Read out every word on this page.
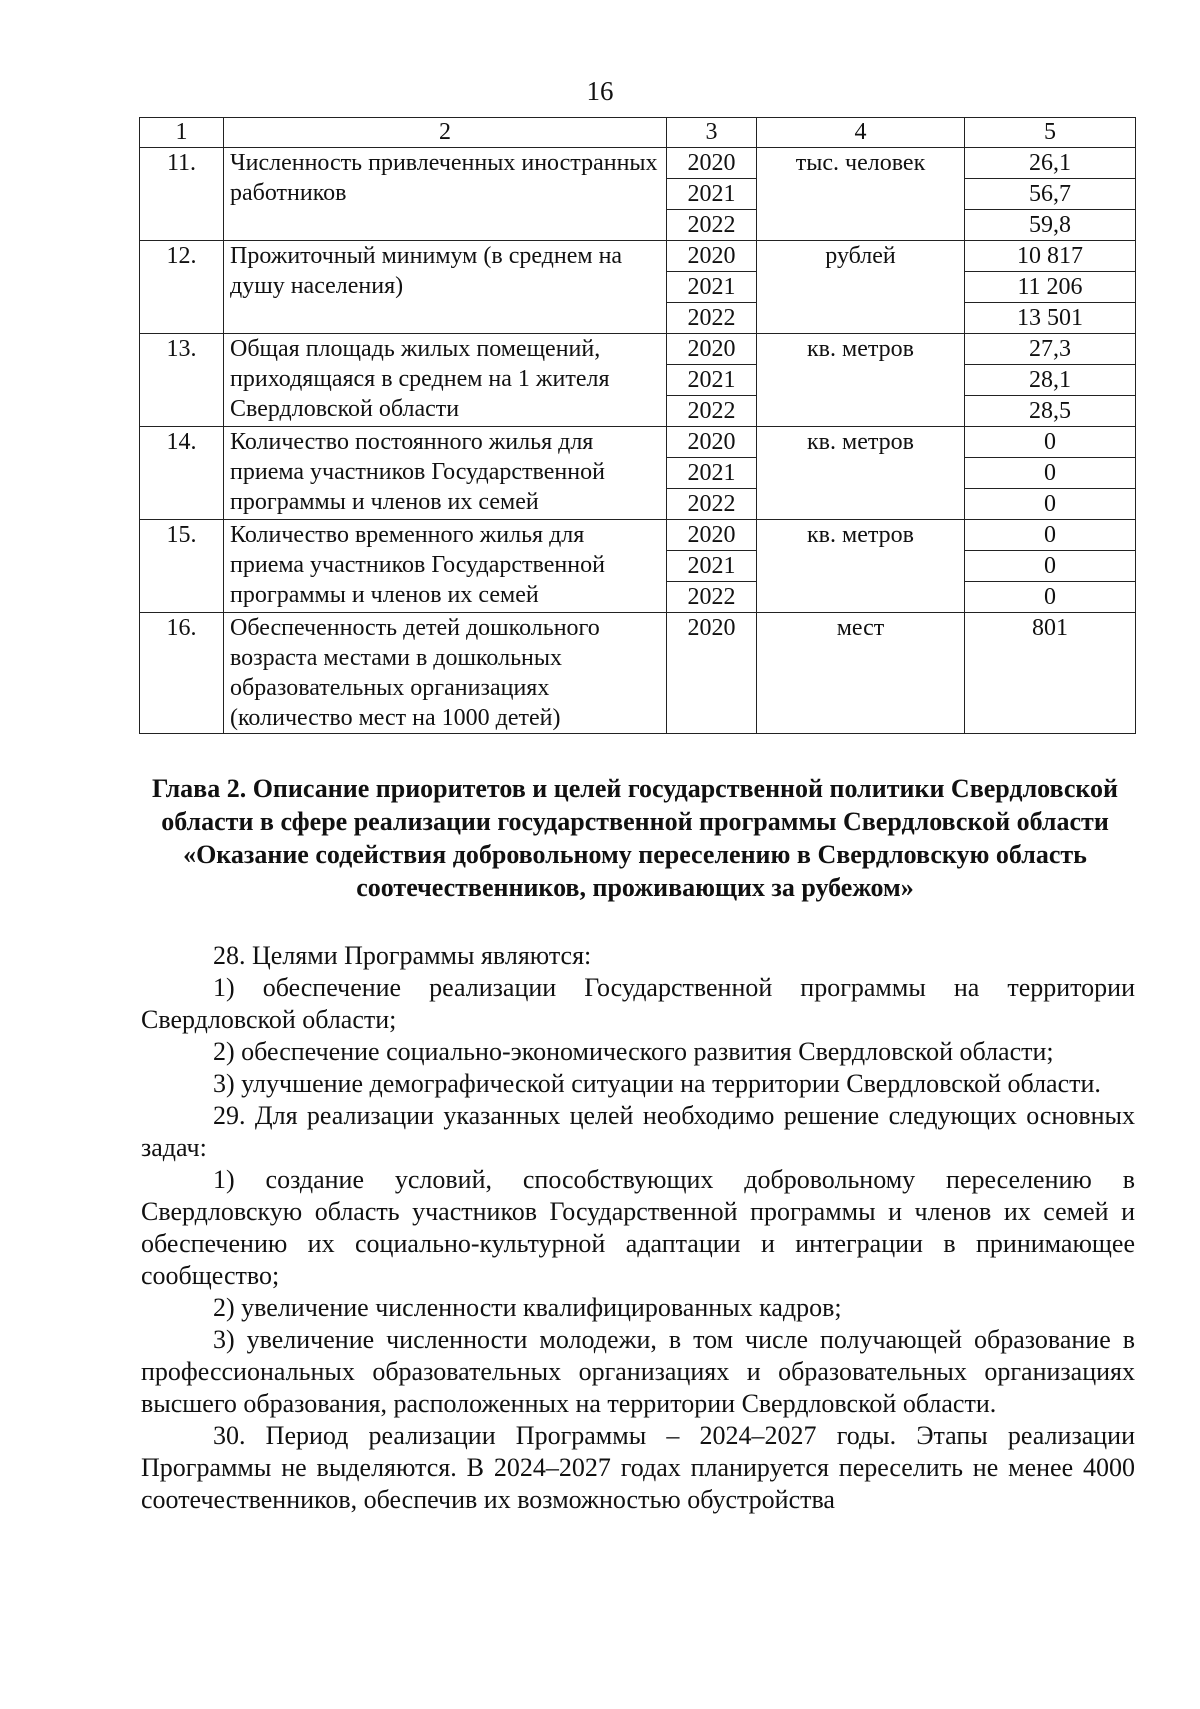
16
1	2	3	4	5
11.	Численность привлеченных иностранных работников	2020	тыс. человек	26,1
		2021		56,7
		2022		59,8
12.	Прожиточный минимум (в среднем на душу населения)	2020	рублей	10 817
		2021		11 206
		2022		13 501
13.	Общая площадь жилых помещений, приходящаяся в среднем на 1 жителя Свердловской области	2020	кв. метров	27,3
		2021		28,1
		2022		28,5
14.	Количество постоянного жилья для приема участников Государственной программы и членов их семей	2020	кв. метров	0
		2021		0
		2022		0
15.	Количество временного жилья для приема участников Государственной программы и членов их семей	2020	кв. метров	0
		2021		0
		2022		0
16.	Обеспеченность детей дошкольного возраста местами в дошкольных образовательных организациях (количество мест на 1000 детей)	2020	мест	801
Глава 2. Описание приоритетов и целей государственной политики Свердловской области в сфере реализации государственной программы Свердловской области «Оказание содействия добровольному переселению в Свердловскую область соотечественников, проживающих за рубежом»

28. Целями Программы являются:

1) обеспечение реализации Государственной программы на территории Свердловской области;

2) обеспечение социально-экономического развития Свердловской области;

3) улучшение демографической ситуации на территории Свердловской области.

29. Для реализации указанных целей необходимо решение следующих основных задач:

1) создание условий, способствующих добровольному переселению в Свердловскую область участников Государственной программы и членов их семей и обеспечению их социально-культурной адаптации и интеграции в принимающее сообщество;

2) увеличение численности квалифицированных кадров;

3) увеличение численности молодежи, в том числе получающей образование в профессиональных образовательных организациях и образовательных организациях высшего образования, расположенных на территории Свердловской области.

30. Период реализации Программы – 2024–2027 годы. Этапы реализации Программы не выделяются. В 2024–2027 годах планируется переселить не менее 4000 соотечественников, обеспечив их возможностью обустройства
